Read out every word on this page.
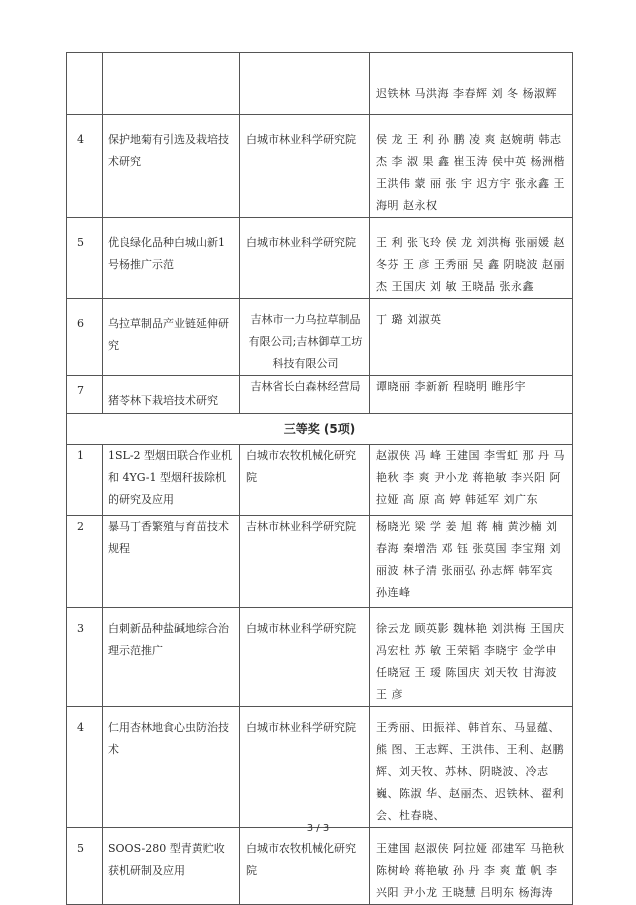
			迟铁林 马洪海 李春辉 刘 冬 杨淑辉

4	保护地菊有引选及栽培技术研究	白城市林业科学研究院	侯 龙 王 利 孙 鹏 凌 爽 赵婉萌 韩志杰 李 淑 果 鑫 崔玉涛 侯中英 杨洲楷 王洪伟 蒙 丽 张 宇 迟方宇 张永鑫 王海明 赵永权

5	优良绿化品种白城山新1号杨推广示范	白城市林业科学研究院	王 利 张飞玲 侯 龙 刘洪梅 张丽媛 赵冬芬 王 彦 王秀丽 吴 鑫 阴晓波 赵丽杰 王国庆 刘 敏 王晓晶 张永鑫

6	乌拉草制品产业链延伸研究	吉林市一力乌拉草制品有限公司;吉林御草工坊科技有限公司	丁 璐 刘淑英

7	猪苓林下栽培技术研究	吉林省长白森林经营局	谭晓丽 李新新 程晓明 睢彤宇
三等奖 (5项)			
1	1SL-2 型烟田联合作业机和 4YG-1 型烟秆拔除机的研究及应用	白城市农牧机械化研究院	赵淑侠 冯 峰 王建国 李雪虹 那 丹 马艳秋 李 爽 尹小龙 蒋艳敏 李兴阳 阿拉娅 高 原 高 婷 韩延军 刘广东
2	暴马丁香繁殖与育苗技术规程	吉林市林业科学研究院	杨晓光 梁 学 姜 旭 蒋 楠 黄沙楠 刘春海 秦增浩 邓 钰 张莫国 李宝翔 刘丽波 林子清 张丽弘 孙志辉 韩军宾 孙连峰

3	白刺新品种盐碱地综合治理示范推广	白城市林业科学研究院	徐云龙 顾英影 魏林艳 刘洪梅 王国庆 冯宏杜 苏 敏 王荣韬 李晓宇 金学申 任晓冠 王 瑷 陈国庆 刘天牧 甘海波 王 彦

4	仁用杏林地食心虫防治技术	白城市林业科学研究院	王秀丽、田振祥、韩首东、马显蕴、熊 图、王志辉、王洪伟、王利、赵鹏辉、刘天牧、苏林、阴晓波、冷志巍、陈淑 华、赵丽杰、迟铁林、翟利会、杜春晓、

5	SOOS-280 型青黄贮收获机研制及应用	白城市农牧机械化研究院	王建国 赵淑侠 阿拉娅 邵建军 马艳秋 陈树岭 蒋艳敏 孙 丹 李 爽 董 帆 李兴阳 尹小龙 王晓慧 吕明东 杨海涛
3 / 3
